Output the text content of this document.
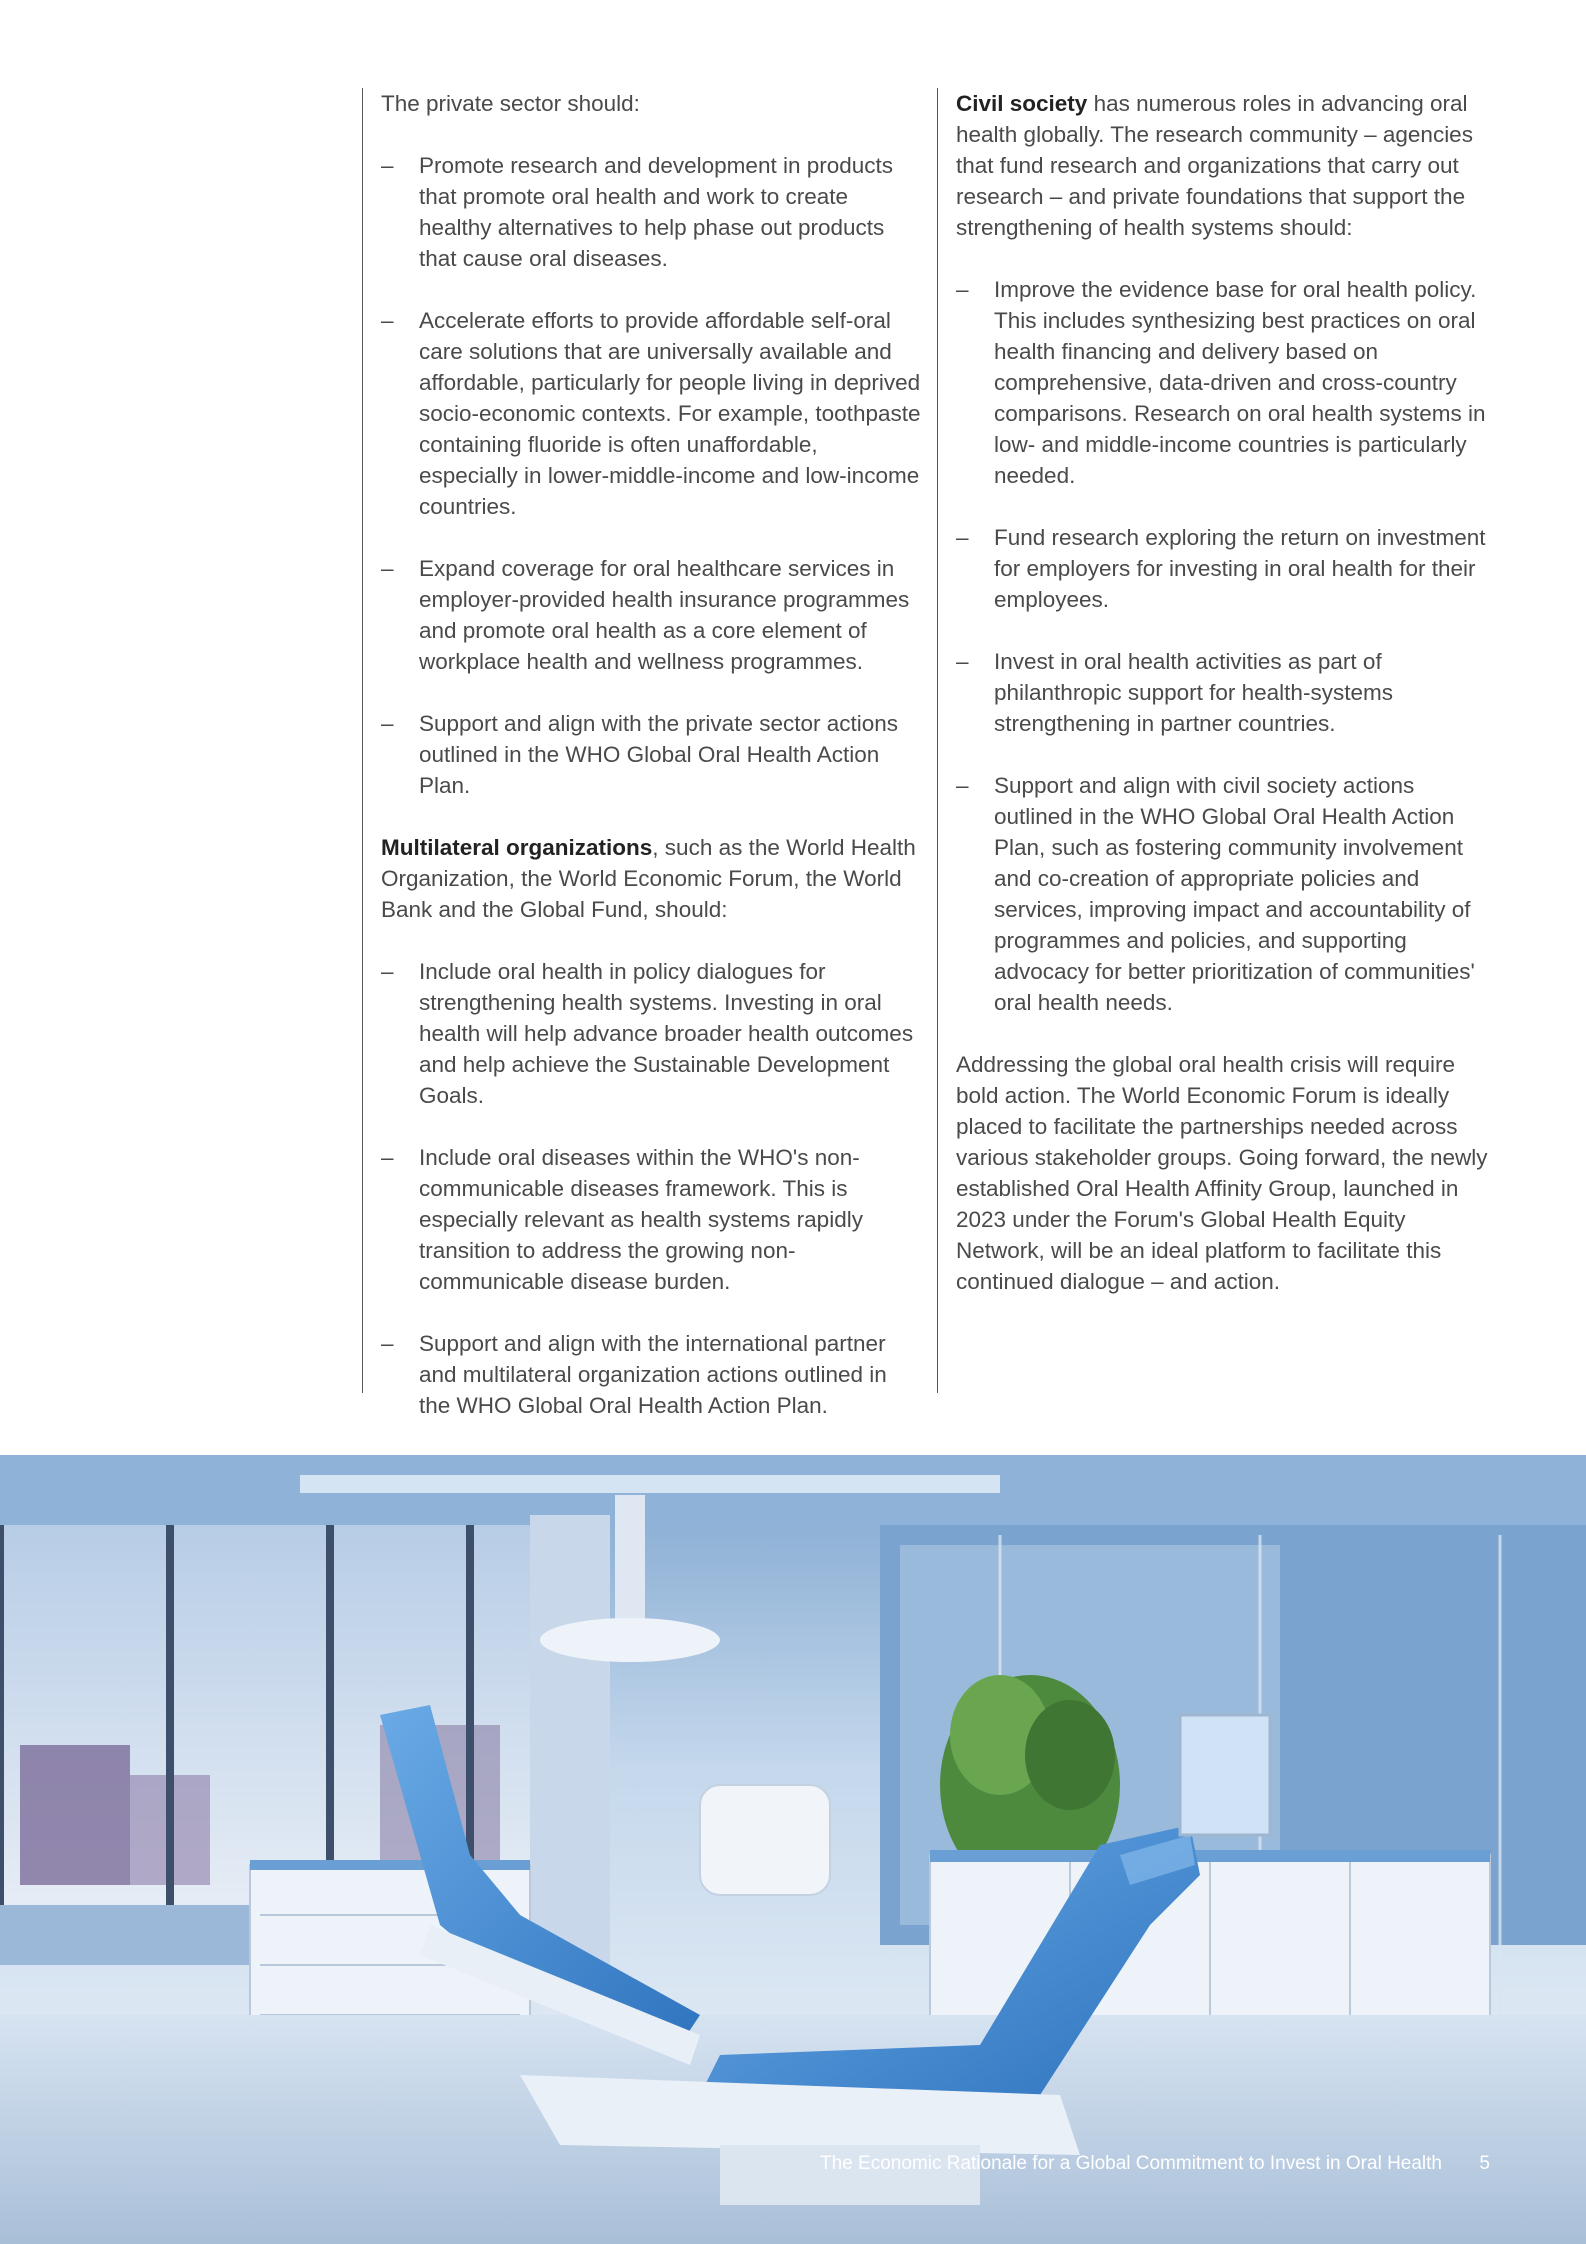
The private sector should:

– Promote research and development in products that promote oral health and work to create healthy alternatives to help phase out products that cause oral diseases.
– Accelerate efforts to provide affordable self-oral care solutions that are universally available and affordable, particularly for people living in deprived socio-economic contexts. For example, toothpaste containing fluoride is often unaffordable, especially in lower-middle-income and low-income countries.
– Expand coverage for oral healthcare services in employer-provided health insurance programmes and promote oral health as a core element of workplace health and wellness programmes.
– Support and align with the private sector actions outlined in the WHO Global Oral Health Action Plan.

Multilateral organizations, such as the World Health Organization, the World Economic Forum, the World Bank and the Global Fund, should:

– Include oral health in policy dialogues for strengthening health systems. Investing in oral health will help advance broader health outcomes and help achieve the Sustainable Development Goals.
– Include oral diseases within the WHO's non-communicable diseases framework. This is especially relevant as health systems rapidly transition to address the growing non-communicable disease burden.
– Support and align with the international partner and multilateral organization actions outlined in the WHO Global Oral Health Action Plan.

Civil society has numerous roles in advancing oral health globally. The research community – agencies that fund research and organizations that carry out research – and private foundations that support the strengthening of health systems should:

– Improve the evidence base for oral health policy. This includes synthesizing best practices on oral health financing and delivery based on comprehensive, data-driven and cross-country comparisons. Research on oral health systems in low- and middle-income countries is particularly needed.
– Fund research exploring the return on investment for employers for investing in oral health for their employees.
– Invest in oral health activities as part of philanthropic support for health-systems strengthening in partner countries.
– Support and align with civil society actions outlined in the WHO Global Oral Health Action Plan, such as fostering community involvement and co-creation of appropriate policies and services, improving impact and accountability of programmes and policies, and supporting advocacy for better prioritization of communities' oral health needs.

Addressing the global oral health crisis will require bold action. The World Economic Forum is ideally placed to facilitate the partnerships needed across various stakeholder groups. Going forward, the newly established Oral Health Affinity Group, launched in 2023 under the Forum's Global Health Equity Network, will be an ideal platform to facilitate this continued dialogue – and action.

The Economic Rationale for a Global Commitment to Invest in Oral Health 5
